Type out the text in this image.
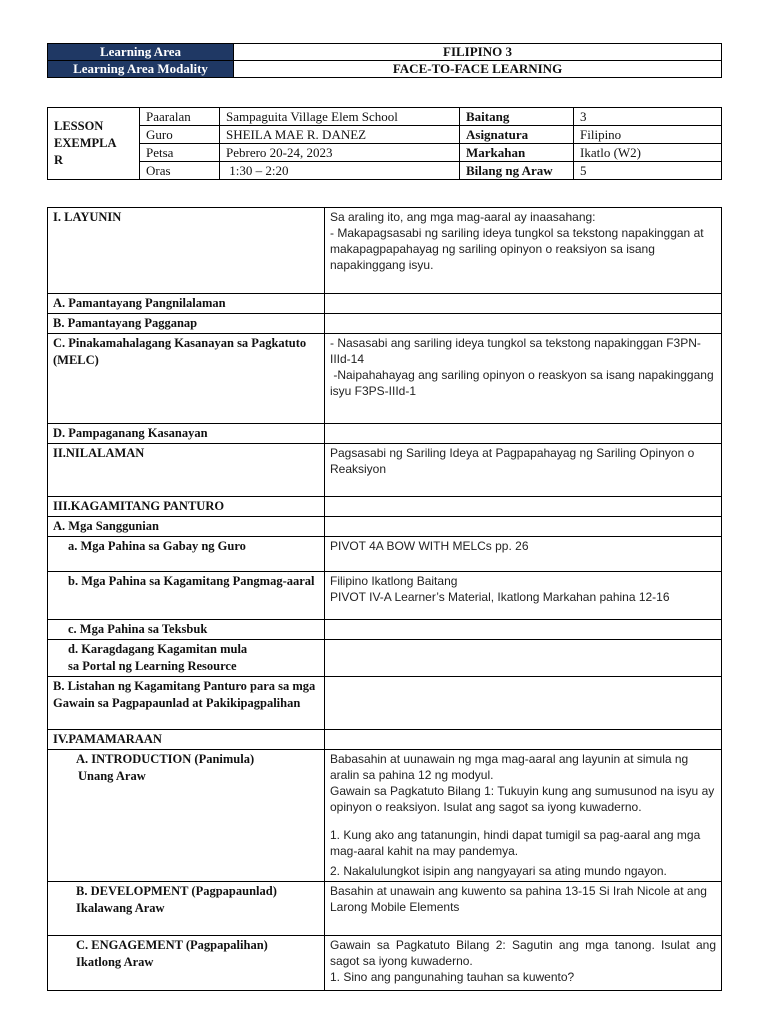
Learning Area	FILIPINO 3
Learning Area Modality	FACE-TO-FACE LEARNING
LESSON
EXEMPLA
R	Paaralan	Sampaguita Village Elem School	Baitang	3
	Guro	SHEILA MAE R. DANEZ	Asignatura	Filipino
	Petsa	Pebrero 20-24, 2023	Markahan	Ikatlo (W2)
	Oras	1:30 – 2:20	Bilang ng Araw	5
I. LAYUNIN	Sa araling ito, ang mga mag-aaral ay inaasahang:
- Makapagsasabi ng sariling ideya tungkol sa tekstong napakinggan at makapagpapahayag ng sariling opinyon o reaksiyon sa isang napakinggang isyu.

A. Pamantayang Pangnilalaman	
B. Pamantayang Pagganap	
C. Pinakamahalagang Kasanayan sa Pagkatuto (MELC)	- Nasasabi ang sariling ideya tungkol sa tekstong napakinggan F3PN-IIId-14
-Naipahahayag ang sariling opinyon o reaskyon sa isang napakinggang isyu F3PS-IIId-1

D. Pampaganang Kasanayan	
II.NILALAMAN	Pagsasabi ng Sariling Ideya at Pagpapahayag ng Sariling Opinyon o Reaksiyon
III.KAGAMITANG PANTURO	
A. Mga Sanggunian	
a. Mga Pahina sa Gabay ng Guro	PIVOT 4A BOW WITH MELCs pp. 26
b. Mga Pahina sa Kagamitang Pangmag-aaral	Filipino Ikatlong Baitang
PIVOT IV-A Learner’s Material, Ikatlong Markahan pahina 12-16

c. Mga Pahina sa Teksbuk	

d. Karagdagang Kagamitan mula
sa Portal ng Learning Resource	

B. Listahan ng Kagamitang Panturo para sa mga Gawain sa Pagpapaunlad at Pakikipagpalihan	
IV.PAMAMARAAN	

A. INTRODUCTION (Panimula)
Unang Araw	Babasahin at uunawain ng mga mag-aaral ang layunin at simula ng aralin sa pahina 12 ng modyul.
Gawain sa Pagkatuto Bilang 1: Tukuyin kung ang sumusunod na isyu ay opinyon o reaksiyon. Isulat ang sagot sa iyong kuwaderno.
1. Kung ako ang tatanungin, hindi dapat tumigil sa pag-aaral ang mga mag-aaral kahit na may pandemya.
2. Nakalulungkot isipin ang nangyayari sa ating mundo ngayon.

B. DEVELOPMENT (Pagpapaunlad)
Ikalawang Araw	Basahin at unawain ang kuwento sa pahina 13-15 Si Irah Nicole at ang Larong Mobile Elements

C. ENGAGEMENT (Pagpapalihan)
Ikatlong Araw	Gawain sa Pagkatuto Bilang 2: Sagutin ang mga tanong. Isulat ang sagot sa iyong kuwaderno.
1. Sino ang pangunahing tauhan sa kuwento?
